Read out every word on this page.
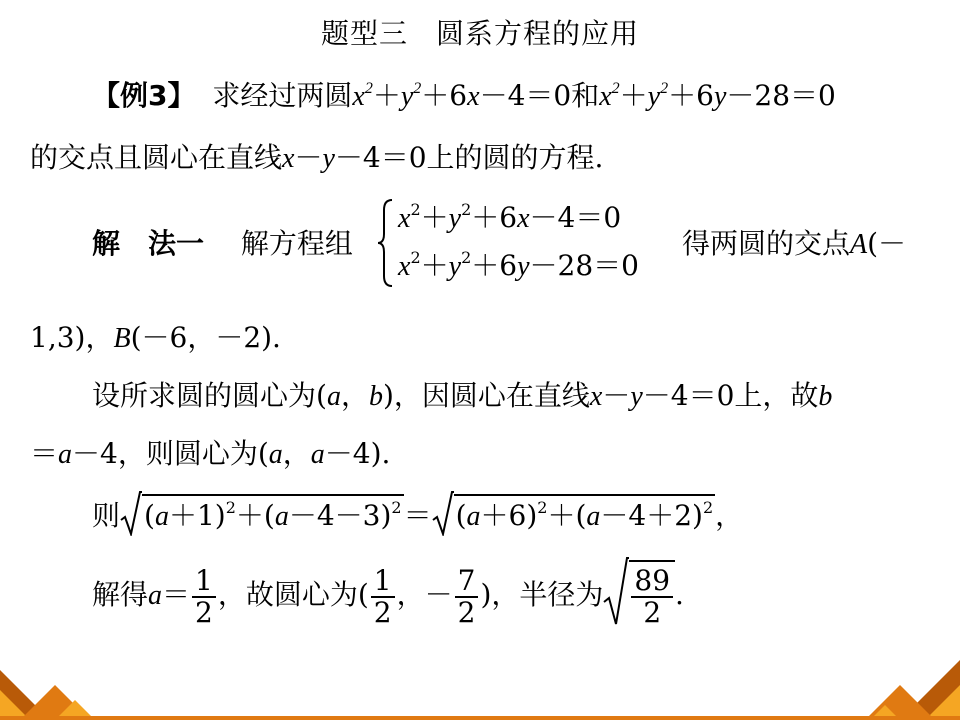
题型三 圆系方程的应用
【例3】 求经过两圆$x^2+y^2+6x-4=0$和$x^2+y^2+6y-28=0$
的交点且圆心在直线x－y－4＝0上的圆的方程.
解　法一 解方程组
$x^2+y^2+6x-4=0$
$x^2+y^2+6y-28=0$
得两圆的交点A(－
1,3)，B(－6，－2).
设所求圆的圆心为(a，b)，因圆心在直线x－y－4＝0上，故b
＝a－4，则圆心为(a，a－4).
则 $(a+1)^2+(a-4-3)^2= (a+6)^2+(a-4+2)^2$，
解得$a= \frac{1}{2}$ ，故圆心为( $\frac{1}{2}$ ，－ $\frac{7}{2}$ )，半径为 $\frac{89}{2}$ .
